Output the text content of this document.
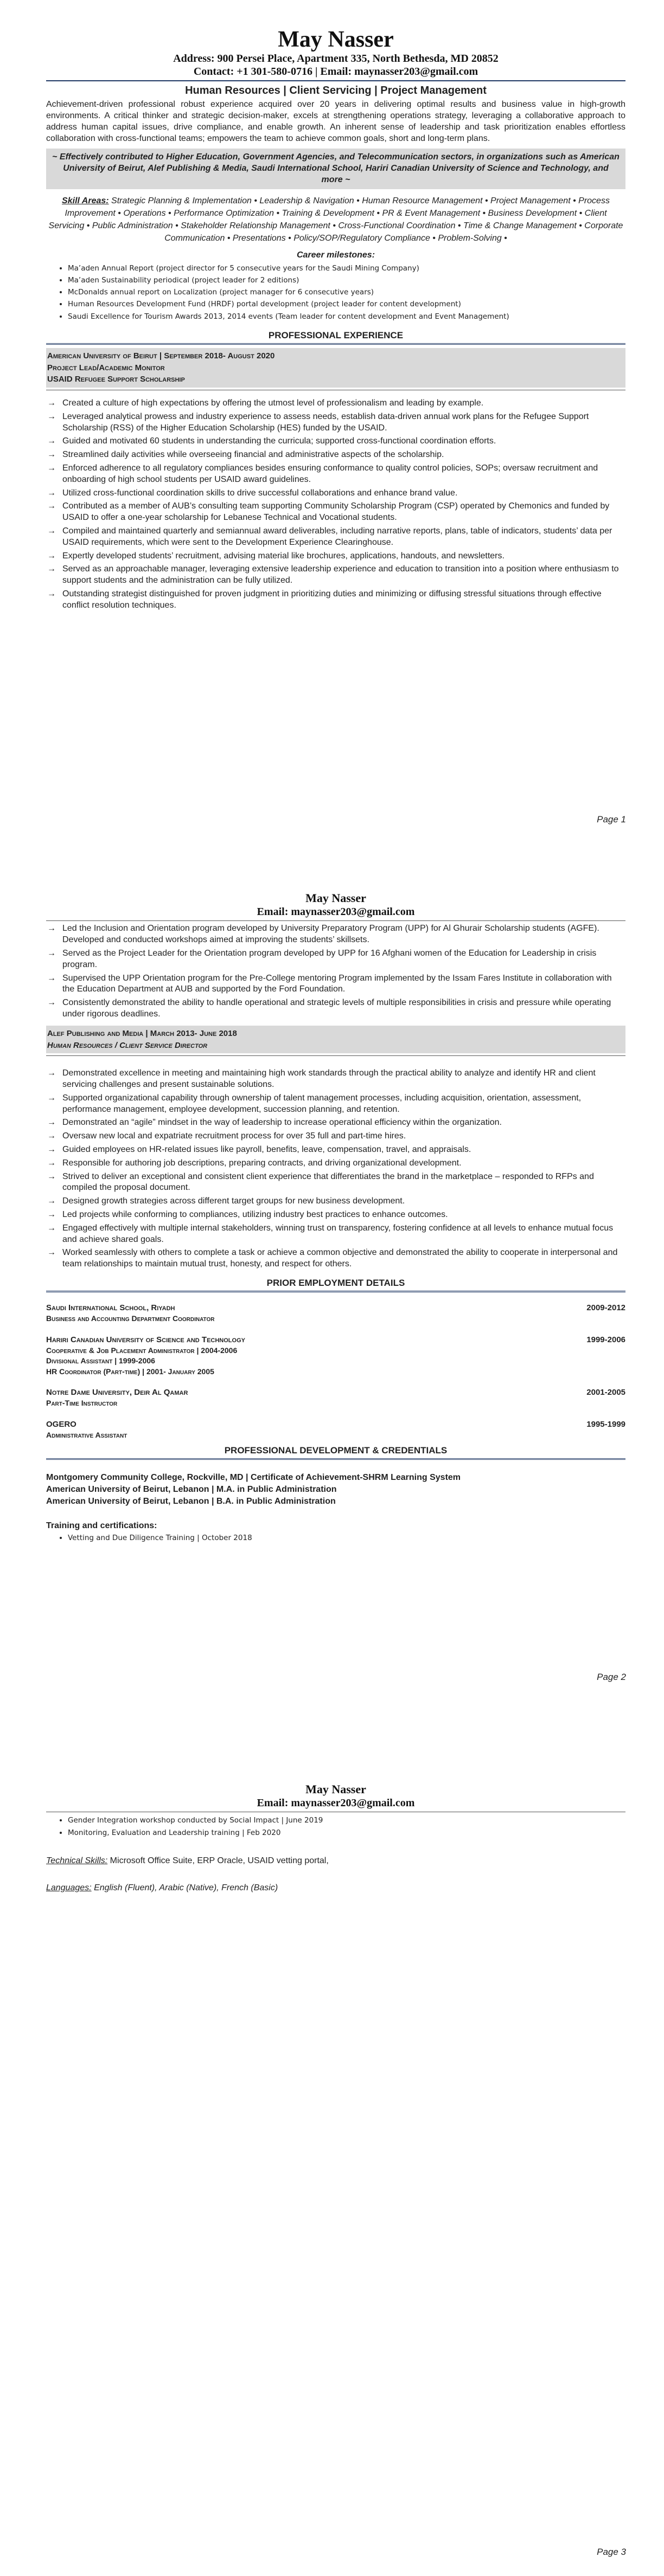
May Nasser
Address: 900 Persei Place, Apartment 335, North Bethesda, MD 20852
Contact: +1 301-580-0716 | Email: maynasser203@gmail.com
Human Resources | Client Servicing | Project Management

Achievement-driven professional robust experience acquired over 20 years in delivering optimal results and business value in high-growth environments. A critical thinker and strategic decision-maker, excels at strengthening operations strategy, leveraging a collaborative approach to address human capital issues, drive compliance, and enable growth. An inherent sense of leadership and task prioritization enables effortless collaboration with cross-functional teams; empowers the team to achieve common goals, short and long-term plans.

~ Effectively contributed to Higher Education, Government Agencies, and Telecommunication sectors, in organizations such as American University of Beirut, Alef Publishing & Media, Saudi International School, Hariri Canadian University of Science and Technology, and more ~
Skill Areas: Strategic Planning & Implementation • Leadership & Navigation • Human Resource Management • Project Management • Process Improvement • Operations • Performance Optimization • Training & Development • PR & Event Management • Business Development • Client Servicing • Public Administration • Stakeholder Relationship Management • Cross-Functional Coordination • Time & Change Management • Corporate Communication • Presentations • Policy/SOP/Regulatory Compliance • Problem-Solving •
Career milestones:
• Ma’aden Annual Report (project director for 5 consecutive years for the Saudi Mining Company)
• Ma’aden Sustainability periodical (project leader for 2 editions)
• McDonalds annual report on Localization (project manager for 6 consecutive years)
• Human Resources Development Fund (HRDF) portal development (project leader for content development)
• Saudi Excellence for Tourism Awards 2013, 2014 events (Team leader for content development and Event Management)
PROFESSIONAL EXPERIENCE
American University of Beirut | September 2018- August 2020
Project Lead/Academic Monitor
USAID Refugee Support Scholarship
→ Created a culture of high expectations by offering the utmost level of professionalism and leading by example.
→ Leveraged analytical prowess and industry experience to assess needs, establish data-driven annual work plans for the Refugee Support Scholarship (RSS) of the Higher Education Scholarship (HES) funded by the USAID.
→ Guided and motivated 60 students in understanding the curricula; supported cross-functional coordination efforts.
→ Streamlined daily activities while overseeing financial and administrative aspects of the scholarship.
→ Enforced adherence to all regulatory compliances besides ensuring conformance to quality control policies, SOPs; oversaw recruitment and onboarding of high school students per USAID award guidelines.
→ Utilized cross-functional coordination skills to drive successful collaborations and enhance brand value.
→ Contributed as a member of AUB’s consulting team supporting Community Scholarship Program (CSP) operated by Chemonics and funded by USAID to offer a one-year scholarship for Lebanese Technical and Vocational students.
→ Compiled and maintained quarterly and semiannual award deliverables, including narrative reports, plans, table of indicators, students’ data per USAID requirements, which were sent to the Development Experience Clearinghouse.
→ Expertly developed students’ recruitment, advising material like brochures, applications, handouts, and newsletters.
→ Served as an approachable manager, leveraging extensive leadership experience and education to transition into a position where enthusiasm to support students and the administration can be fully utilized.
→ Outstanding strategist distinguished for proven judgment in prioritizing duties and minimizing or diffusing stressful situations through effective conflict resolution techniques.
Page 1
May Nasser
Email: maynasser203@gmail.com
→ Led the Inclusion and Orientation program developed by University Preparatory Program (UPP) for Al Ghurair Scholarship students (AGFE). Developed and conducted workshops aimed at improving the students’ skillsets.
→ Served as the Project Leader for the Orientation program developed by UPP for 16 Afghani women of the Education for Leadership in crisis program.
→ Supervised the UPP Orientation program for the Pre-College mentoring Program implemented by the Issam Fares Institute in collaboration with the Education Department at AUB and supported by the Ford Foundation.
→ Consistently demonstrated the ability to handle operational and strategic levels of multiple responsibilities in crisis and pressure while operating under rigorous deadlines.
Alef Publishing and Media | March 2013- June 2018
Human Resources / Client Service Director
→ Demonstrated excellence in meeting and maintaining high work standards through the practical ability to analyze and identify HR and client servicing challenges and present sustainable solutions.
→ Supported organizational capability through ownership of talent management processes, including acquisition, orientation, assessment, performance management, employee development, succession planning, and retention.
→ Demonstrated an “agile” mindset in the way of leadership to increase operational efficiency within the organization.
→ Oversaw new local and expatriate recruitment process for over 35 full and part-time hires.
→ Guided employees on HR-related issues like payroll, benefits, leave, compensation, travel, and appraisals.
→ Responsible for authoring job descriptions, preparing contracts, and driving organizational development.
→ Strived to deliver an exceptional and consistent client experience that differentiates the brand in the marketplace – responded to RFPs and compiled the proposal document.
→ Designed growth strategies across different target groups for new business development.
→ Led projects while conforming to compliances, utilizing industry best practices to enhance outcomes.
→ Engaged effectively with multiple internal stakeholders, winning trust on transparency, fostering confidence at all levels to enhance mutual focus and achieve shared goals.
→ Worked seamlessly with others to complete a task or achieve a common objective and demonstrated the ability to cooperate in interpersonal and team relationships to maintain mutual trust, honesty, and respect for others.
PRIOR EMPLOYMENT DETAILS
Saudi International School, Riyadh	2009-2012
Business and Accounting Department Coordinator
Hariri Canadian University of Science and Technology	1999-2006
Cooperative & Job Placement Administrator | 2004-2006
Divisional Assistant | 1999-2006
HR Coordinator (Part-time) | 2001- January 2005
Notre Dame University, Deir Al Qamar	2001-2005
Part-Time Instructor
OGERO	1995-1999
Administrative Assistant
PROFESSIONAL DEVELOPMENT & CREDENTIALS
Montgomery Community College, Rockville, MD | Certificate of Achievement-SHRM Learning System
American University of Beirut, Lebanon | M.A. in Public Administration
American University of Beirut, Lebanon | B.A. in Public Administration
Training and certifications:
• Vetting and Due Diligence Training | October 2018
Page 2
May Nasser
Email: maynasser203@gmail.com
• Gender Integration workshop conducted by Social Impact | June 2019
• Monitoring, Evaluation and Leadership training | Feb 2020
Technical Skills: Microsoft Office Suite, ERP Oracle, USAID vetting portal,
Languages: English (Fluent), Arabic (Native), French (Basic)
Page 3
